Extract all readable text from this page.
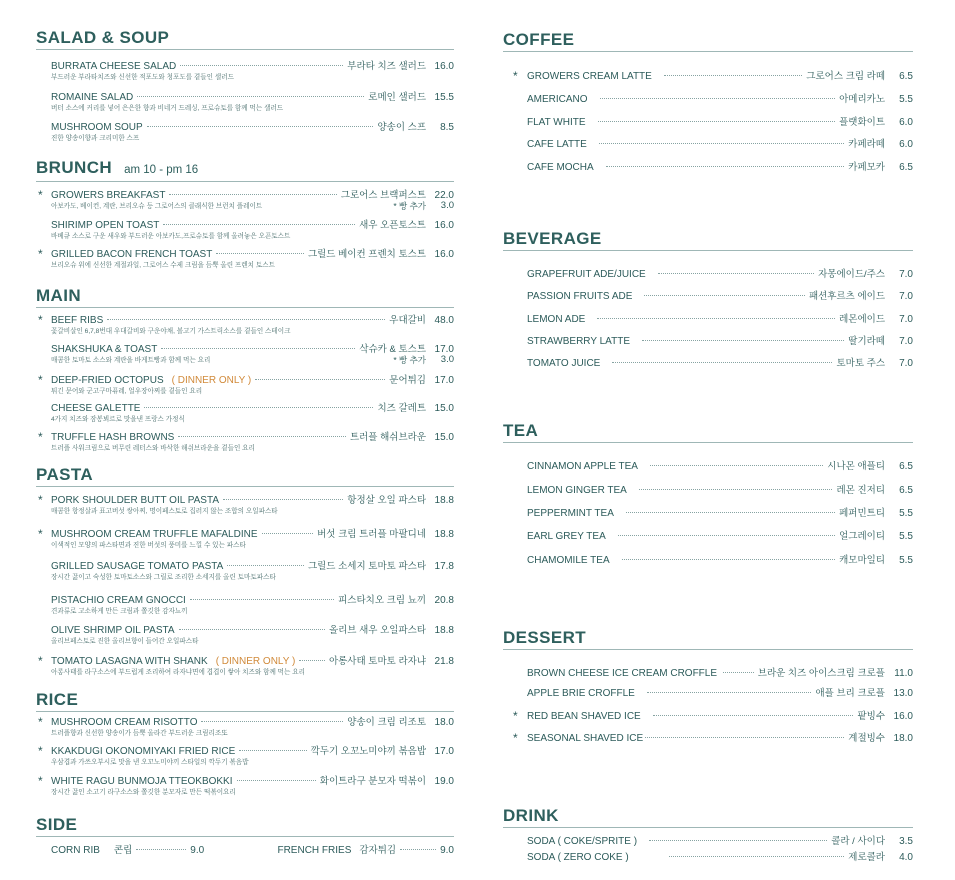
SALAD & SOUP
BURRATA CHEESE SALAD	부라타 치즈 샐러드 16.0
부드러운 부라타치즈와 신선한 적포도와 청포도를 곁들인 샐러드
ROMAINE SALAD	로메인 샐러드 15.5
버터 소스에 커리를 넣어 은은한 향과 비네거 드레싱, 프로슈토를 함께 먹는 샐러드
MUSHROOM SOUP	양송이 스프	8.5
진한 양송이향과 크리미한 스프
BRUNCH am 10 - pm 16
* GROWERS BREAKFAST	그로어스 브랙퍼스트 22.0
아보카도, 베이컨, 계란, 브리오슈 등 그로어스의 클래식한 브런치 플레이트	* 빵 추가	3.0
SHIRIMP OPEN TOAST	새우 오픈토스트 16.0
바베큐 소스로 구운 새우와 부드러운 아보카도,프로슈토를 함께 올려놓은 오픈토스트
* GRILLED BACON FRENCH TOAST	그릴드 베이컨 프렌치 토스트 16.0
브리오슈 위에 신선한 계절과일, 그로어스 수제 크림을 듬뿍 올린 프렌치 토스트
MAIN
* BEEF RIBS	우대갈비 48.0
꽃갈비살인 6,7,8번대 우대갈비와 구운야채, 볼고기 가스트릭소스를 곁들인 스테이크
SHAKSHUKA & TOAST	삭슈카 & 토스트 17.0
매콤한 토마토 소스와 계란을 바게트빵과 함께 먹는 요리	* 빵 추가	3.0
* DEEP-FRIED OCTOPUS ( DINNER ONLY )	문어튀김 17.0
튀긴 문어와 군고구마퓨레, 얼우장아찌를 곁들인 요리
CHEESE GALETTE	치즈 갈레트 15.0
4가지 치즈와 잠봉뵈르로 맛을낸 프랑스 가정식
* TRUFFLE HASH BROWNS	트러플 해쉬브라운 15.0
트러플 사워크림으로 버무린 레터스와 바삭한 해쉬브라운을 곁들인 요리
PASTA
* PORK SHOULDER BUTT OIL PASTA	항정살 오일 파스타 18.8
매콤한 항정살과 표고버섯 쌍아찌, 명이페스토로 집러지 않는 조합의 오일파스타
* MUSHROOM CREAM TRUFFLE MAFALDINE	버섯 크림 트러플 마팔디네 18.8
이색적인 모양의 파스타면과 진한 버섯의 풍미를 느낄 수 있는 파스타
GRILLED SAUSAGE TOMATO PASTA	그릴드 소세지 토마토 파스타 17.8
장시간 끓이고 숙성한 토마토소스와 그릴로 조리한 소세지를 올린 토마토파스타
PISTACHIO CREAM GNOCCI	피스타치오 크림 뇨끼 20.8
견과류로 고소하게 만든 크림과 쫄깃한 감자뇨끼
OLIVE SHRIMP OIL PASTA	올리브 새우 오일파스타 18.8
올리브페스토로 진한 올리브향이 들어간 오일파스타
* TOMATO LASAGNA WITH SHANK ( DINNER ONLY )	아롱사태 토마토 라자냐 21.8
아롱사태를 라구소스에 부드럽게 조리하여 라자냐면에 겹겹이 쌓아 치즈와 함께 먹는 요리
RICE
* MUSHROOM CREAM RISOTTO	양송이 크림 리조토 18.0
트러플향과 신선한 양송이가 듬뿍 올라간 부드러운 크림리조또
* KKAKDUGI OKONOMIYAKI FRIED RICE	깍두기 오꼬노미야끼 볶음밥 17.0
우삼겹과 가쓰오부시로 맛을 낸 오꼬노미야끼 스타일의 깍두기 볶음밥
* WHITE RAGU BUNMOJA TTEOKBOKKI	화이트라구 분모자 떡볶이 19.0
장시간 끓인 소고기 라구소스와 쫄깃한 분모자로 만든 떡볶이요리
SIDE
CORN RIB 콘립	9.0	FRENCH FRIES 감자튀김	9.0
COFFEE
* GROWERS CREAM LATTE	그로어스 크림 라떼	6.5
AMERICANO	아메리카노	5.5
FLAT WHITE	플랫화이트	6.0
CAFE LATTE	카페라떼	6.0
CAFE MOCHA	카페모카	6.5
BEVERAGE
GRAPEFRUIT ADE/JUICE	자몽에이드/주스	7.0
PASSION FRUITS ADE	패션후르츠 에이드	7.0
LEMON ADE	레몬에이드	7.0
STRAWBERRY LATTE	딸기라떼	7.0
TOMATO JUICE	토마토 주스	7.0
TEA
CINNAMON APPLE TEA	시나몬 애플티	6.5
LEMON GINGER TEA	레몬 진저티	6.5
PEPPERMINT TEA	페퍼민트티	5.5
EARL GREY TEA	얼그레이티	5.5
CHAMOMILE TEA	캐모마일티	5.5
DESSERT
BROWN CHEESE ICE CREAM CROFFLE	브라운 치즈 아이스크림 크로플 11.0
APPLE BRIE CROFFLE	애플 브리 크로플 13.0
* RED BEAN SHAVED ICE	팥빙수 16.0
* SEASONAL SHAVED ICE	계절빙수 18.0
DRINK
SODA ( COKE/SPRITE )	콜라 / 사이다	3.5
SODA ( ZERO COKE )	제로콜라	4.0
